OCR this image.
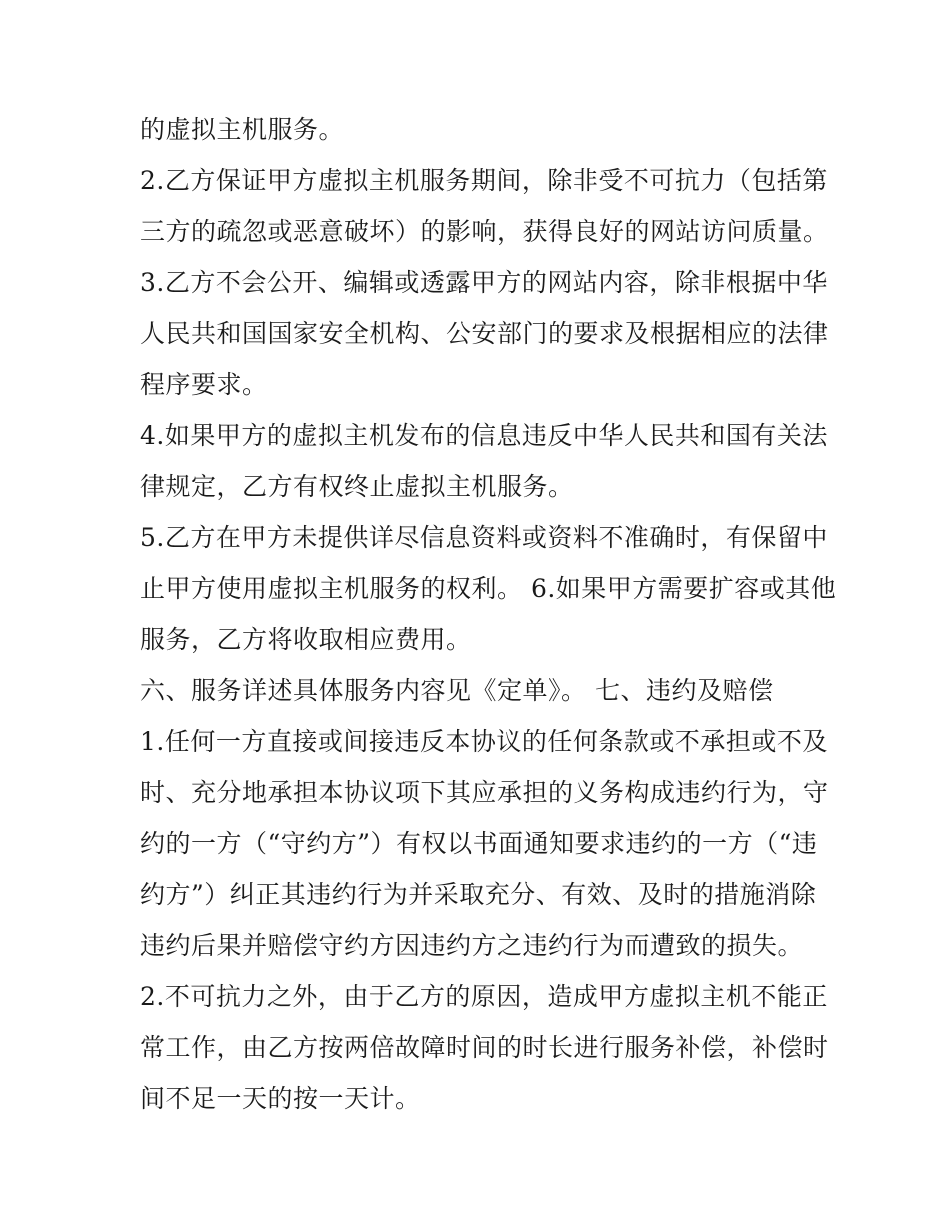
的虚拟主机服务。
2.乙方保证甲方虚拟主机服务期间，除非受不可抗力（包括第
三方的疏忽或恶意破坏）的影响，获得良好的网站访问质量。
3.乙方不会公开、编辑或透露甲方的网站内容，除非根据中华
人民共和国国家安全机构、公安部门的要求及根据相应的法律
程序要求。
4.如果甲方的虚拟主机发布的信息违反中华人民共和国有关法
律规定，乙方有权终止虚拟主机服务。
5.乙方在甲方未提供详尽信息资料或资料不准确时，有保留中
止甲方使用虚拟主机服务的权利。 6.如果甲方需要扩容或其他
服务，乙方将收取相应费用。
六、服务详述具体服务内容见《定单》。 七、违约及赔偿
1.任何一方直接或间接违反本协议的任何条款或不承担或不及
时、充分地承担本协议项下其应承担的义务构成违约行为，守
约的一方（“守约方”）有权以书面通知要求违约的一方（“违
约方”）纠正其违约行为并采取充分、有效、及时的措施消除
违约后果并赔偿守约方因违约方之违约行为而遭致的损失。
2.不可抗力之外，由于乙方的原因，造成甲方虚拟主机不能正
常工作，由乙方按两倍故障时间的时长进行服务补偿，补偿时
间不足一天的按一天计。
